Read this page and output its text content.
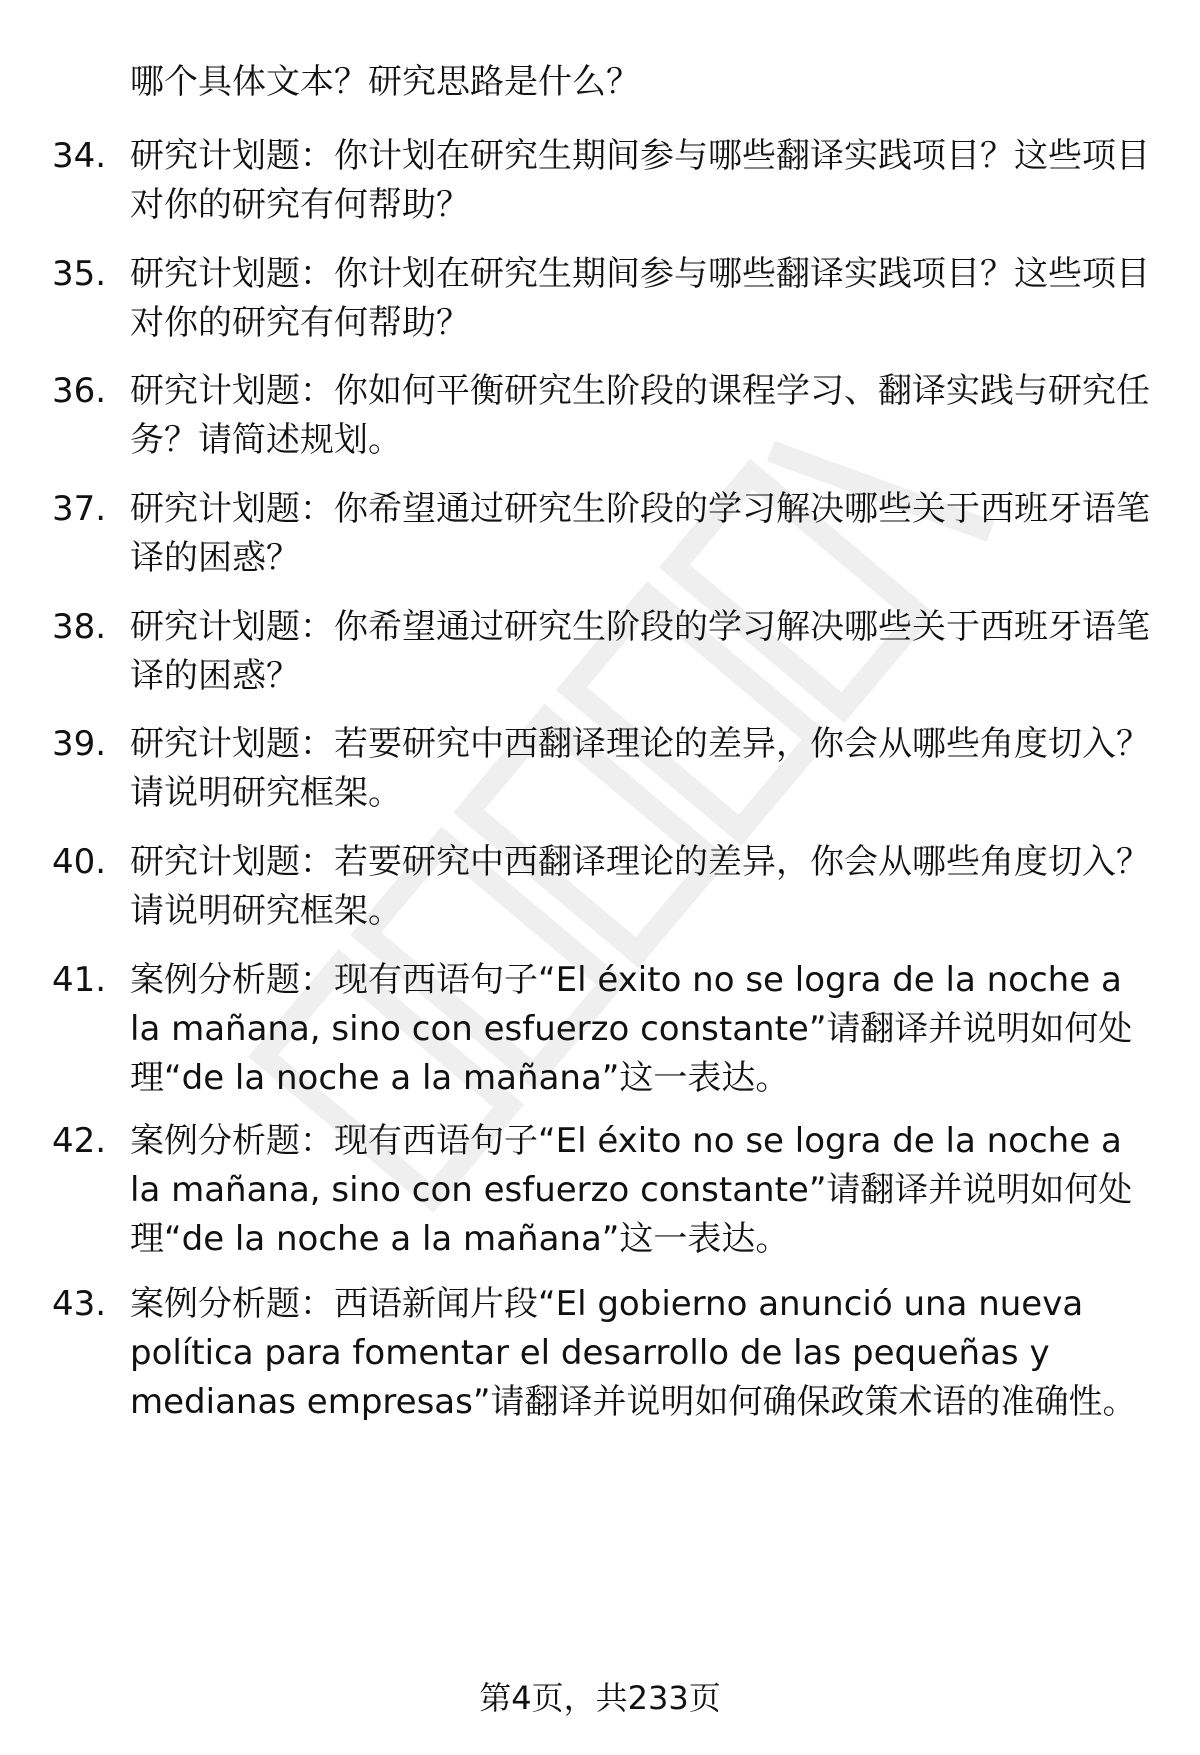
哪个具体文本？研究思路是什么？

34. 研究计划题：你计划在研究生期间参与哪些翻译实践项目？这些项目对你的研究有何帮助？

35. 研究计划题：你计划在研究生期间参与哪些翻译实践项目？这些项目对你的研究有何帮助？

36. 研究计划题：你如何平衡研究生阶段的课程学习、翻译实践与研究任务？请简述规划。

37. 研究计划题：你希望通过研究生阶段的学习解决哪些关于西班牙语笔译的困惑？

38. 研究计划题：你希望通过研究生阶段的学习解决哪些关于西班牙语笔译的困惑？

39. 研究计划题：若要研究中西翻译理论的差异，你会从哪些角度切入？请说明研究框架。

40. 研究计划题：若要研究中西翻译理论的差异，你会从哪些角度切入？请说明研究框架。

41. 案例分析题：现有西语句子“El éxito no se logra de la noche a la mañana, sino con esfuerzo constante”请翻译并说明如何处理“de la noche a la mañana”这一表达。

42. 案例分析题：现有西语句子“El éxito no se logra de la noche a la mañana, sino con esfuerzo constante”请翻译并说明如何处理“de la noche a la mañana”这一表达。

43. 案例分析题：西语新闻片段“El gobierno anunció una nueva política para fomentar el desarrollo de las pequeñas y medianas empresas”请翻译并说明如何确保政策术语的准确性。

第4页，共233页
